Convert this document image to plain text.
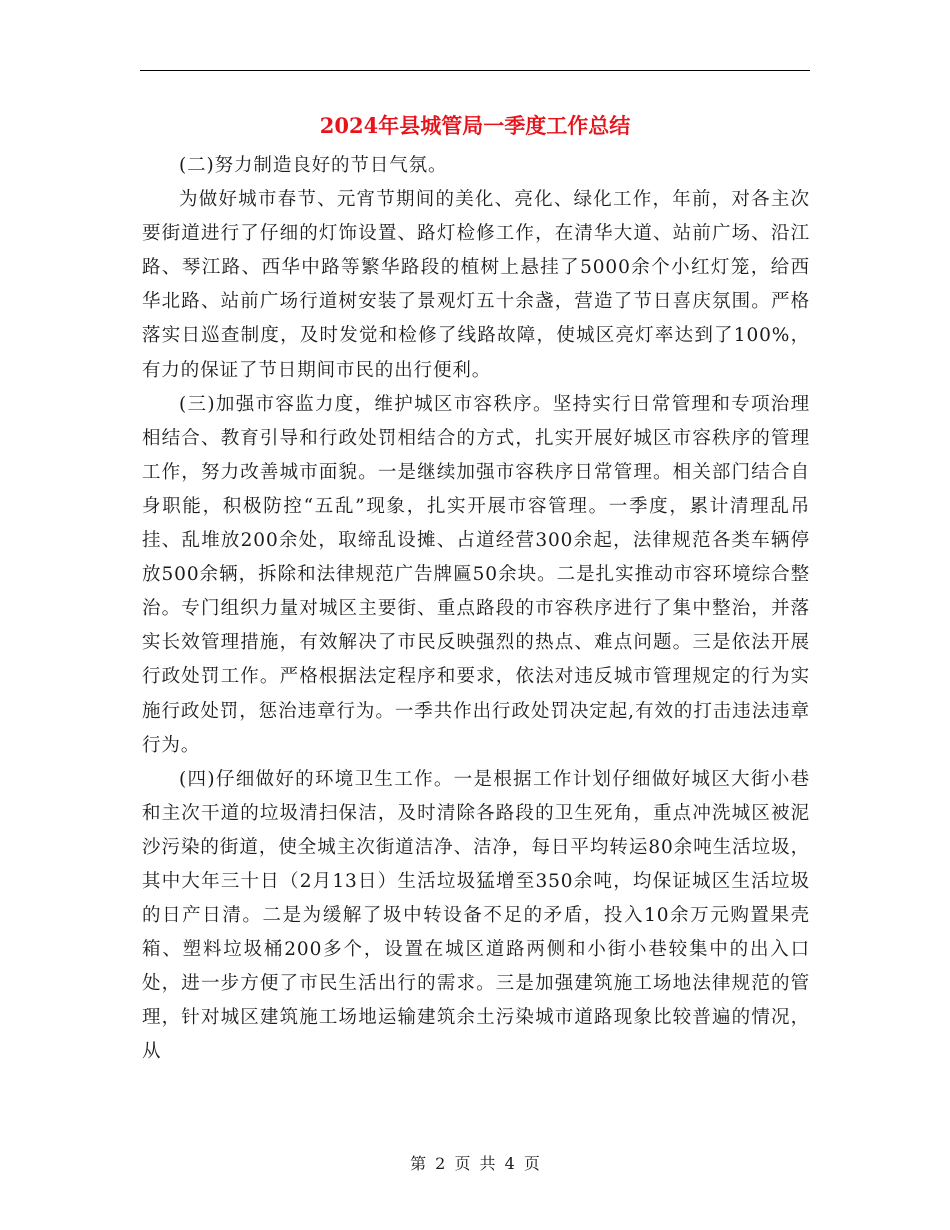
2024年县城管局一季度工作总结

(二)努力制造良好的节日气氛。

为做好城市春节、元宵节期间的美化、亮化、绿化工作，年前，对各主次要街道进行了仔细的灯饰设置、路灯检修工作，在清华大道、站前广场、沿江路、琴江路、西华中路等繁华路段的植树上悬挂了5000余个小红灯笼，给西华北路、站前广场行道树安装了景观灯五十余盏，营造了节日喜庆氛围。严格落实日巡查制度，及时发觉和检修了线路故障，使城区亮灯率达到了100%，有力的保证了节日期间市民的出行便利。

(三)加强市容监力度，维护城区市容秩序。坚持实行日常管理和专项治理相结合、教育引导和行政处罚相结合的方式，扎实开展好城区市容秩序的管理工作，努力改善城市面貌。一是继续加强市容秩序日常管理。相关部门结合自身职能，积极防控“五乱”现象，扎实开展市容管理。一季度，累计清理乱吊挂、乱堆放200余处，取缔乱设摊、占道经营300余起，法律规范各类车辆停放500余辆，拆除和法律规范广告牌匾50余块。二是扎实推动市容环境综合整治。专门组织力量对城区主要街、重点路段的市容秩序进行了集中整治，并落实长效管理措施，有效解决了市民反映强烈的热点、难点问题。三是依法开展行政处罚工作。严格根据法定程序和要求，依法对违反城市管理规定的行为实施行政处罚，惩治违章行为。一季共作出行政处罚决定起,有效的打击违法违章行为。

(四)仔细做好的环境卫生工作。一是根据工作计划仔细做好城区大街小巷和主次干道的垃圾清扫保洁，及时清除各路段的卫生死角，重点冲洗城区被泥沙污染的街道，使全城主次街道洁净、洁净，每日平均转运80余吨生活垃圾，其中大年三十日（2月13日）生活垃圾猛增至350余吨，均保证城区生活垃圾的日产日清。二是为缓解了圾中转设备不足的矛盾，投入10余万元购置果壳箱、塑料垃圾桶200多个，设置在城区道路两侧和小街小巷较集中的出入口处，进一步方便了市民生活出行的需求。三是加强建筑施工场地法律规范的管理，针对城区建筑施工场地运输建筑余土污染城市道路现象比较普遍的情况，从

第 2 页 共 4 页
